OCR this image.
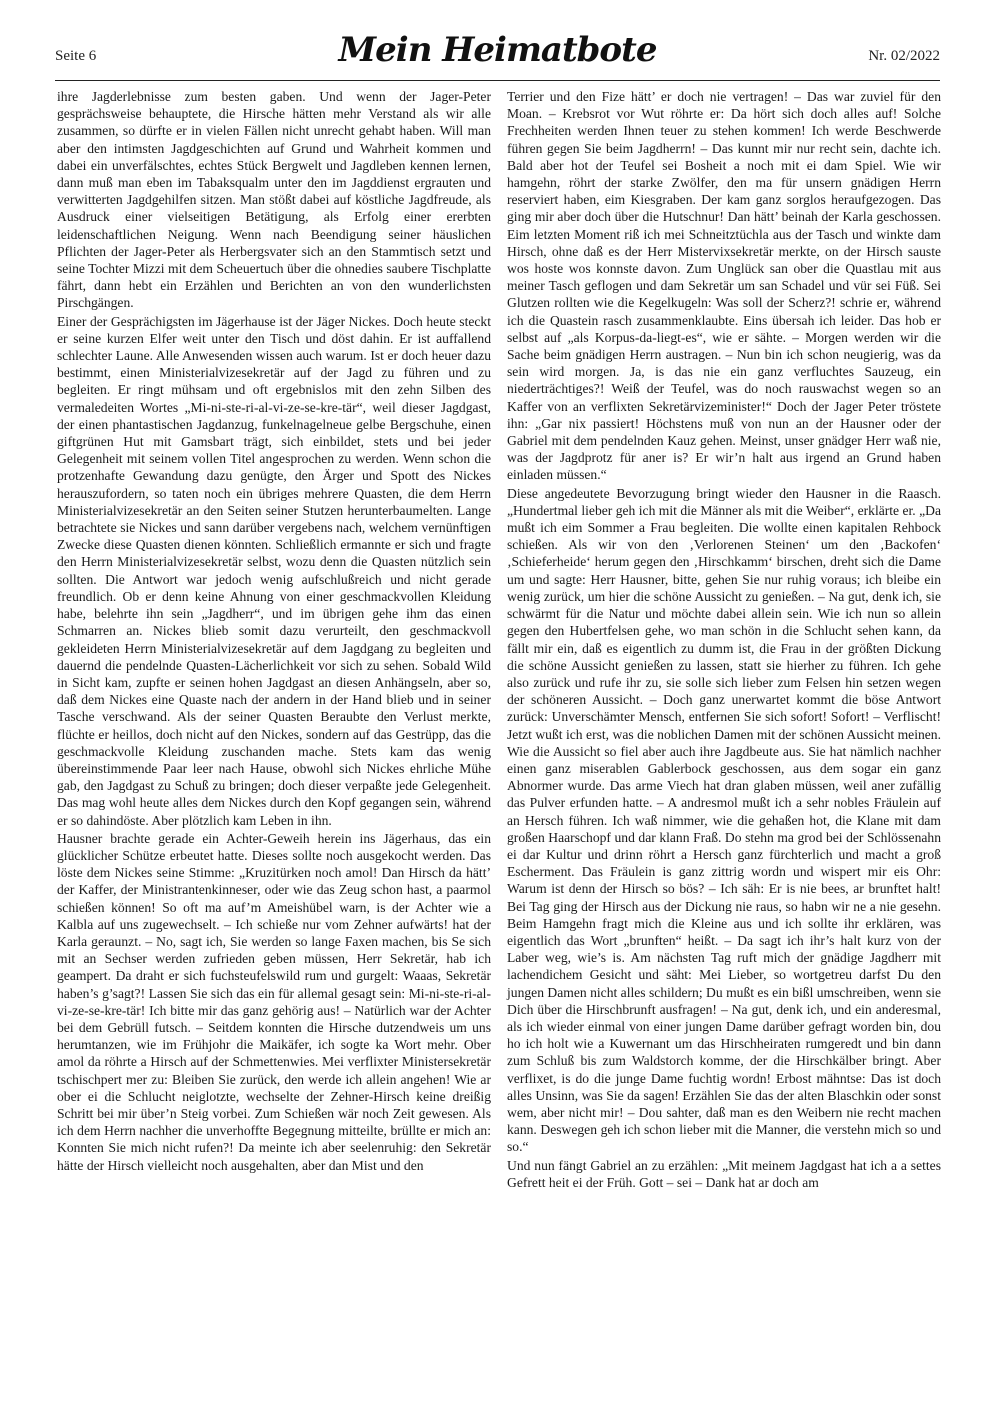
Seite 6	Mein Heimatbote	Nr. 02/2022

ihre Jagderlebnisse zum besten gaben. Und wenn der Jager-Peter gesprächsweise behauptete, die Hirsche hätten mehr Verstand als wir alle zusammen, so dürfte er in vielen Fällen nicht unrecht gehabt haben. Will man aber den intimsten Jagdgeschichten auf Grund und Wahrheit kommen und dabei ein unverfälschtes, echtes Stück Bergwelt und Jagdleben kennen lernen, dann muß man eben im Tabaksqualm unter den im Jagddienst ergrauten und verwitterten Jagdgehilfen sitzen. Man stößt dabei auf köstliche Jagdfreude, als Ausdruck einer vielseitigen Betätigung, als Erfolg einer ererbten leidenschaftlichen Neigung. Wenn nach Beendigung seiner häuslichen Pflichten der Jager-Peter als Herbergsvater sich an den Stammtisch setzt und seine Tochter Mizzi mit dem Scheuertuch über die ohnedies saubere Tischplatte fährt, dann hebt ein Erzählen und Berichten an von den wunderlichsten Pirschgängen.

Einer der Gesprächigsten im Jägerhause ist der Jäger Nickes. Doch heute steckt er seine kurzen Elfer weit unter den Tisch und döst dahin. Er ist auffallend schlechter Laune. Alle Anwesenden wissen auch warum. Ist er doch heuer dazu bestimmt, einen Ministerialvizesekretär auf der Jagd zu führen und zu begleiten. Er ringt mühsam und oft ergebnislos mit den zehn Silben des vermaledeiten Wortes „Mi-ni-ste-ri-al-vi-ze-se-kre-tär“, weil dieser Jagdgast, der einen phantastischen Jagdanzug, funkelnagelneue gelbe Bergschuhe, einen giftgrünen Hut mit Gamsbart trägt, sich einbildet, stets und bei jeder Gelegenheit mit seinem vollen Titel angesprochen zu werden. Wenn schon die protzenhafte Gewandung dazu genügte, den Ärger und Spott des Nickes herauszufordern, so taten noch ein übriges mehrere Quasten, die dem Herrn Ministerialvizesekretär an den Seiten seiner Stutzen herunterbaumelten. Lange betrachtete sie Nickes und sann darüber vergebens nach, welchem vernünftigen Zwecke diese Quasten dienen könnten. Schließlich ermannte er sich und fragte den Herrn Ministerialvizesekretär selbst, wozu denn die Quasten nützlich sein sollten. Die Antwort war jedoch wenig aufschlußreich und nicht gerade freundlich. Ob er denn keine Ahnung von einer geschmackvollen Kleidung habe, belehrte ihn sein „Jagdherr“, und im übrigen gehe ihm das einen Schmarren an. Nickes blieb somit dazu verurteilt, den geschmackvoll gekleideten Herrn Ministerialvizesekretär auf dem Jagdgang zu begleiten und dauernd die pendelnde Quasten-Lächerlichkeit vor sich zu sehen. Sobald Wild in Sicht kam, zupfte er seinen hohen Jagdgast an diesen Anhängseln, aber so, daß dem Nickes eine Quaste nach der andern in der Hand blieb und in seiner Tasche verschwand. Als der seiner Quasten Beraubte den Verlust merkte, flüchte er heillos, doch nicht auf den Nickes, sondern auf das Gestrüpp, das die geschmackvolle Kleidung zuschanden mache. Stets kam das wenig übereinstimmende Paar leer nach Hause, obwohl sich Nickes ehrliche Mühe gab, den Jagdgast zu Schuß zu bringen; doch dieser verpaßte jede Gelegenheit. Das mag wohl heute alles dem Nickes durch den Kopf gegangen sein, während er so dahindöste. Aber plötzlich kam Leben in ihn.

Hausner brachte gerade ein Achter-Geweih herein ins Jägerhaus, das ein glücklicher Schütze erbeutet hatte. Dieses sollte noch ausgekocht werden. Das löste dem Nickes seine Stimme: „Kruzitürken noch amol! Dan Hirsch da hätt’ der Kaffer, der Ministrantenkinneser, oder wie das Zeug schon hast, a paarmol schießen können! So oft ma auf’m Ameishübel warn, is der Achter wie a Kalbla auf uns zugewechselt. – Ich schieße nur vom Zehner aufwärts! hat der Karla geraunzt. – No, sagt ich, Sie werden so lange Faxen machen, bis Se sich mit an Sechser werden zufrieden geben müssen, Herr Sekretär, hab ich geampert. Da draht er sich fuchsteufelswild rum und gurgelt: Waaas, Sekretär haben’s g’sagt?! Lassen Sie sich das ein für allemal gesagt sein: Mi-ni-ste-ri-al-vi-ze-se-kre-tär! Ich bitte mir das ganz gehörig aus! – Natürlich war der Achter bei dem Gebrüll futsch. – Seitdem konnten die Hirsche dutzendweis um uns herumtanzen, wie im Frühjohr die Maikäfer, ich sogte ka Wort mehr. Ober amol da röhrte a Hirsch auf der Schmettenwies. Mei verflixter Ministersekretär tschischpert mer zu: Bleiben Sie zurück, den werde ich allein angehen! Wie ar ober ei die Schlucht neiglotzte, wechselte der Zehner-Hirsch keine dreißig Schritt bei mir über’n Steig vorbei. Zum Schießen wär noch Zeit gewesen. Als ich dem Herrn nachher die unverhoffte Begegnung mitteilte, brüllte er mich an: Konnten Sie mich nicht rufen?! Da meinte ich aber seelenruhig: den Sekretär hätte der Hirsch vielleicht noch ausgehalten, aber dan Mist und den

Terrier und den Fize hätt’ er doch nie vertragen! – Das war zuviel für den Moan. – Krebsrot vor Wut röhrte er: Da hört sich doch alles auf! Solche Frechheiten werden Ihnen teuer zu stehen kommen! Ich werde Beschwerde führen gegen Sie beim Jagdherrn! – Das kunnt mir nur recht sein, dachte ich. Bald aber hot der Teufel sei Bosheit a noch mit ei dam Spiel. Wie wir hamgehn, röhrt der starke Zwölfer, den ma für unsern gnädigen Herrn reserviert haben, eim Kiesgraben. Der kam ganz sorglos heraufgezogen. Das ging mir aber doch über die Hutschnur! Dan hätt’ beinah der Karla geschossen. Eim letzten Moment riß ich mei Schneitztüchla aus der Tasch und winkte dam Hirsch, ohne daß es der Herr Mistervixsekretär merkte, on der Hirsch sauste wos hoste wos konnste davon. Zum Unglück san ober die Quastlau mit aus meiner Tasch geflogen und dam Sekretär um san Schadel und vür sei Füß. Sei Glutzen rollten wie die Kegelkugeln: Was soll der Scherz?! schrie er, während ich die Quastein rasch zusammenklaubte. Eins übersah ich leider. Das hob er selbst auf „als Korpus-da-liegt-es“, wie er sähte. – Morgen werden wir die Sache beim gnädigen Herrn austragen. – Nun bin ich schon neugierig, was da sein wird morgen. Ja, is das nie ein ganz verfluchtes Sauzeug, ein niederträchtiges?! Weiß der Teufel, was do noch rauswachst wegen so an Kaffer von an verflixten Sekretärvizeminister!“ Doch der Jager Peter tröstete ihn: „Gar nix passiert! Höchstens muß von nun an der Hausner oder der Gabriel mit dem pendelnden Kauz gehen. Meinst, unser gnädger Herr waß nie, was der Jagdprotz für aner is? Er wir’n halt aus irgend an Grund haben einladen müssen.“

Diese angedeutete Bevorzugung bringt wieder den Hausner in die Raasch. „Hundertmal lieber geh ich mit die Männer als mit die Weiber“, erklärte er. „Da mußt ich eim Sommer a Frau begleiten. Die wollte einen kapitalen Rehbock schießen. Als wir von den ‚Verlorenen Steinen‘ um den ‚Backofen‘ ‚Schieferheide‘ herum gegen den ‚Hirschkamm‘ birschen, dreht sich die Dame um und sagte: Herr Hausner, bitte, gehen Sie nur ruhig voraus; ich bleibe ein wenig zurück, um hier die schöne Aussicht zu genießen. – Na gut, denk ich, sie schwärmt für die Natur und möchte dabei allein sein. Wie ich nun so allein gegen den Hubertfelsen gehe, wo man schön in die Schlucht sehen kann, da fällt mir ein, daß es eigentlich zu dumm ist, die Frau in der größten Dickung die schöne Aussicht genießen zu lassen, statt sie hierher zu führen. Ich gehe also zurück und rufe ihr zu, sie solle sich lieber zum Felsen hin setzen wegen der schöneren Aussicht. – Doch ganz unerwartet kommt die böse Antwort zurück: Unverschämter Mensch, entfernen Sie sich sofort! Sofort! – Verflischt! Jetzt wußt ich erst, was die noblichen Damen mit der schönen Aussicht meinen. Wie die Aussicht so fiel aber auch ihre Jagdbeute aus. Sie hat nämlich nachher einen ganz miserablen Gablerbock geschossen, aus dem sogar ein ganz Abnormer wurde. Das arme Viech hat dran glaben müssen, weil aner zufällig das Pulver erfunden hatte. – A andresmol mußt ich a sehr nobles Fräulein auf an Hersch führen. Ich waß nimmer, wie die gehaßen hot, die Klane mit dam großen Haarschopf und dar klann Fraß. Do stehn ma grod bei der Schlössenahn ei dar Kultur und drinn röhrt a Hersch ganz fürchterlich und macht a groß Escherment. Das Fräulein is ganz zittrig wordn und wispert mir eis Ohr: Warum ist denn der Hirsch so bös? – Ich säh: Er is nie bees, ar brunftet halt! Bei Tag ging der Hirsch aus der Dickung nie raus, so habn wir ne a nie gesehn. Beim Hamgehn fragt mich die Kleine aus und ich sollte ihr erklären, was eigentlich das Wort „brunften“ heißt. – Da sagt ich ihr’s halt kurz von der Laber weg, wie’s is. Am nächsten Tag ruft mich der gnädige Jagdherr mit lachendichem Gesicht und säht: Mei Lieber, so wortgetreu darfst Du den jungen Damen nicht alles schildern; Du mußt es ein bißl umschreiben, wenn sie Dich über die Hirschbrunft ausfragen! – Na gut, denk ich, und ein anderesmal, als ich wieder einmal von einer jungen Dame darüber gefragt worden bin, dou ho ich holt wie a Kuwernant um das Hirschheiraten rumgeredt und bin dann zum Schluß bis zum Waldstorch komme, der die Hirschkälber bringt. Aber verflixet, is do die junge Dame fuchtig wordn! Erbost mähntse: Das ist doch alles Unsinn, was Sie da sagen! Erzählen Sie das der alten Blaschkin oder sonst wem, aber nicht mir! – Dou sahter, daß man es den Weibern nie recht machen kann. Deswegen geh ich schon lieber mit die Manner, die verstehn mich so und so.“

Und nun fängt Gabriel an zu erzählen: „Mit meinem Jagdgast hat ich a a settes Gefrett heit ei der Früh. Gott – sei – Dank hat ar doch am
